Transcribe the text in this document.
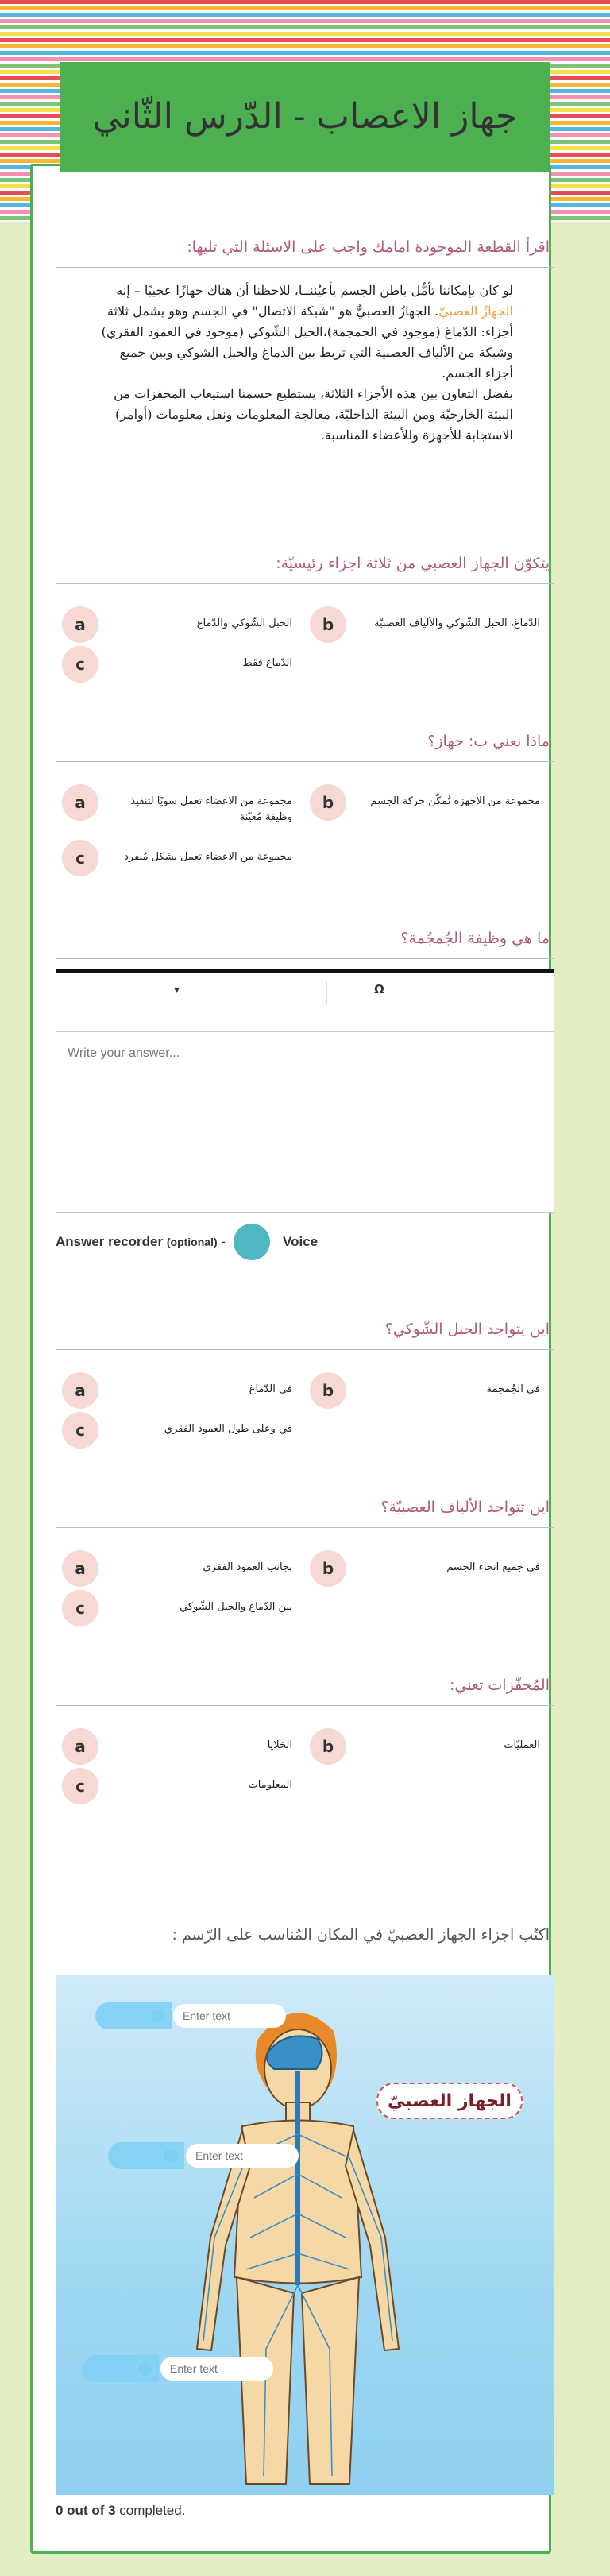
جهاز الاعصاب - الدّرس الثّاني
اقرأ القطعة الموجودة امامك واجب على الاسئلة التي تليها:
لو كان بإمكاننا تأمُّل باطن الجسم بأعيُننــا، للاحظنا أن هناك جهازًا عجيبًا – إنه الجهازُ العصبيّ. الجهازُ العصبيُّ هو "شبكة الاتصال" في الجسم وهو يشمل ثلاثة أجزاء: الدّماغ (موجود في الجمجمة)،الحبل الشّوكي (موجود في العمود الفقري) وشبكة من الألياف العصبية التي تربط بين الدماغ والحبل الشوكي وبين جميع أجزاء الجسم.
بفضل التعاون بين هذه الأجزاء الثلاثة، يستطيع جسمنا استيعاب المحفزات من البيئة الخارجيّة ومن البيئة الداخليّة، معالجة المعلومات ونقل معلومات (أوامر) الاستجابة للأجهزة وللأعضاء المناسبة.
يتكوّن الجهاز العصبي من ثلاثة اجزاء رئيسيّة:
a	الحبل الشّوكي والدّماغ	b	الدّماغ، الحبل الشّوكي والألياف العصبيّة
c	الدّماغ فقط
ماذا نعني ب: جهاز؟
a	مجموعة من الاعضاء تعمل سويًا لتنفيذ وظيفة مُعيّنة
b	مجموعة من الاجهزة تُمكّن حركة الجسم
c	مجموعة من الاعضاء تعمل بشكل مُنفرد
ما هي وظيفة الجُمجُمة؟
▾	Ω
Write your answer...
Answer recorder
(optional)
-	Voice
اين يتواجد الحبل الشّوكي؟
a	في الدّماغ	b	في الجُمجمة
c	في وعلى طول العمود الفقري
اين تتواجد الألياف العصبيّة؟
a	بجانب العمود الفقري	b	في جميع انحاء الجسم
c	بين الدّماغ والحبل الشّوكي
المُحفّزات تعني:
a	الخلايا	b	العمليّات
c	المعلومات
اكتُب اجزاء الجهاز العصبيّ في المكان المُناسب على الرّسم :
الجهاز العصبيّ
Enter text
Enter text
Enter text
0 out of 3 completed.
